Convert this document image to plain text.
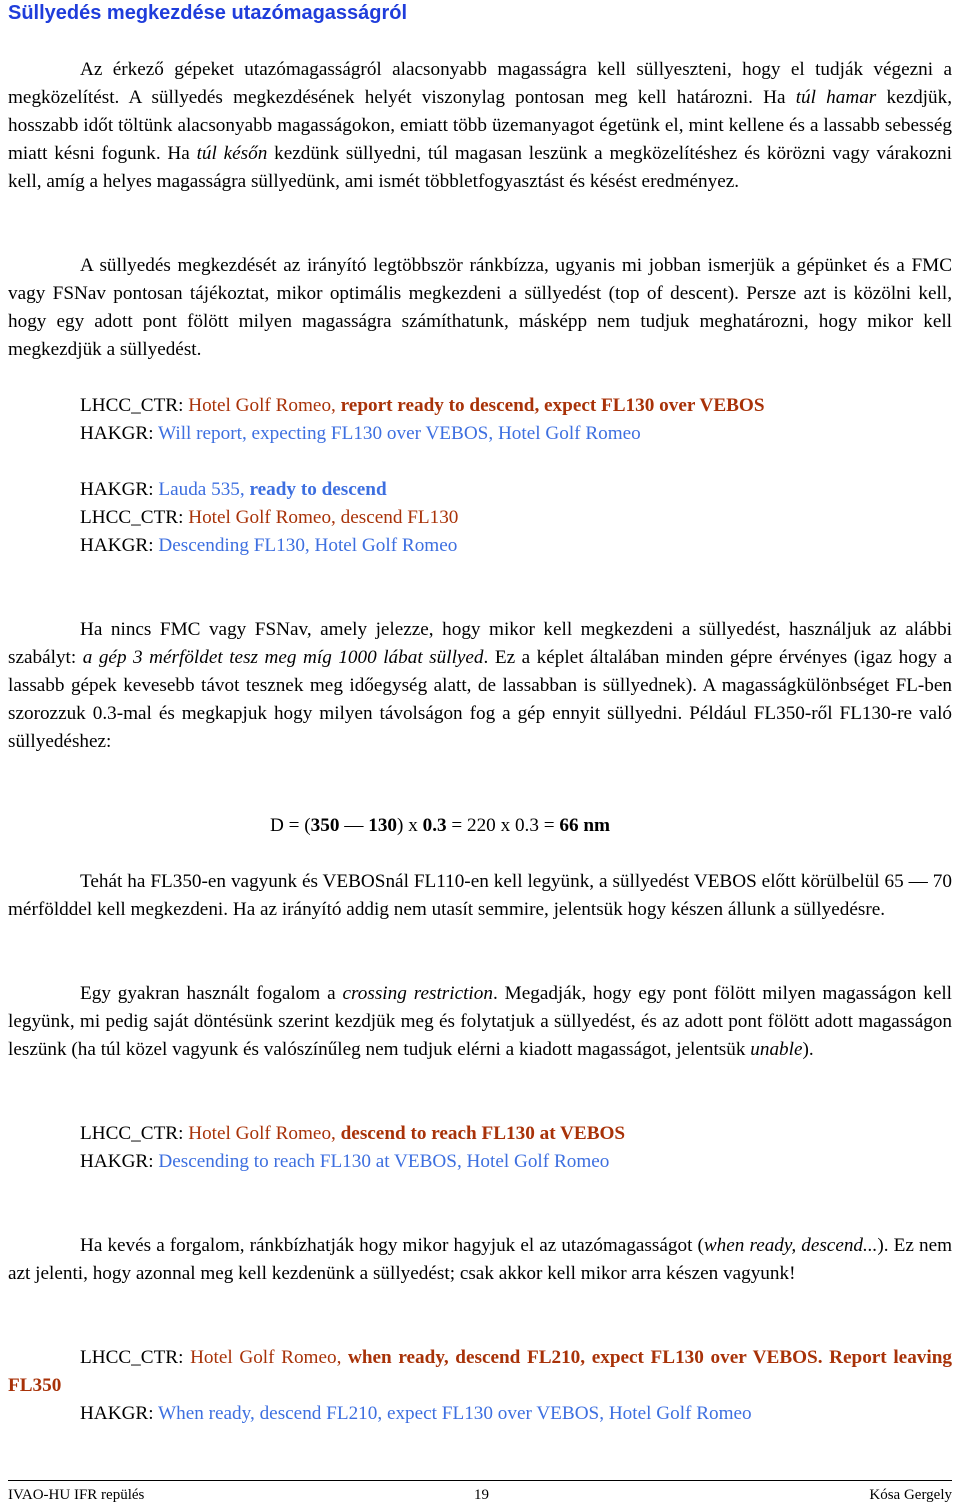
Süllyedés megkezdése utazómagasságról

Az érkező gépeket utazómagasságról alacsonyabb magasságra kell süllyeszteni, hogy el tudják végezni a megközelítést. A süllyedés megkezdésének helyét viszonylag pontosan meg kell határozni. Ha túl hamar kezdjük, hosszabb időt töltünk alacsonyabb magasságokon, emiatt több üzemanyagot égetünk el, mint kellene és a lassabb sebesség miatt késni fogunk. Ha túl későn kezdünk süllyedni, túl magasan leszünk a megközelítéshez és körözni vagy várakozni kell, amíg a helyes magasságra süllyedünk, ami ismét többletfogyasztást és késést eredményez.

A süllyedés megkezdését az irányító legtöbbször ránkbízza, ugyanis mi jobban ismerjük a gépünket és a FMC vagy FSNav pontosan tájékoztat, mikor optimális megkezdeni a süllyedést (top of descent). Persze azt is közölni kell, hogy egy adott pont fölött milyen magasságra számíthatunk, másképp nem tudjuk meghatározni, hogy mikor kell megkezdjük a süllyedést.

LHCC_CTR: Hotel Golf Romeo, report ready to descend, expect FL130 over VEBOS
HAKGR: Will report, expecting FL130 over VEBOS, Hotel Golf Romeo
HAKGR: Lauda 535, ready to descend
LHCC_CTR: Hotel Golf Romeo, descend FL130
HAKGR: Descending FL130, Hotel Golf Romeo

Ha nincs FMC vagy FSNav, amely jelezze, hogy mikor kell megkezdeni a süllyedést, használjuk az alábbi szabályt: a gép 3 mérföldet tesz meg míg 1000 lábat süllyed. Ez a képlet általában minden gépre érvényes (igaz hogy a lassabb gépek kevesebb távot tesznek meg időegység alatt, de lassabban is süllyednek). A magasságkülönbséget FL-ben szorozzuk 0.3-mal és megkapjuk hogy milyen távolságon fog a gép ennyit süllyedni. Például FL350-ről FL130-re való süllyedéshez:

D = (350 — 130) x 0.3 = 220 x 0.3 = 66 nm

Tehát ha FL350-en vagyunk és VEBOSnál FL110-en kell legyünk, a süllyedést VEBOS előtt körülbelül 65 — 70 mérfölddel kell megkezdeni. Ha az irányító addig nem utasít semmire, jelentsük hogy készen állunk a süllyedésre.

Egy gyakran használt fogalom a crossing restriction. Megadják, hogy egy pont fölött milyen magasságon kell legyünk, mi pedig saját döntésünk szerint kezdjük meg és folytatjuk a süllyedést, és az adott pont fölött adott magasságon leszünk (ha túl közel vagyunk és valószínűleg nem tudjuk elérni a kiadott magasságot, jelentsük unable).

LHCC_CTR: Hotel Golf Romeo, descend to reach FL130 at VEBOS
HAKGR: Descending to reach FL130 at VEBOS, Hotel Golf Romeo

Ha kevés a forgalom, ránkbízhatják hogy mikor hagyjuk el az utazómagasságot (when ready, descend...). Ez nem azt jelenti, hogy azonnal meg kell kezdenünk a süllyedést; csak akkor kell mikor arra készen vagyunk!

LHCC_CTR: Hotel Golf Romeo, when ready, descend FL210, expect FL130 over VEBOS. Report leaving FL350
HAKGR: When ready, descend FL210, expect FL130 over VEBOS, Hotel Golf Romeo
IVAO-HU IFR repülés	19	Kósa Gergely
